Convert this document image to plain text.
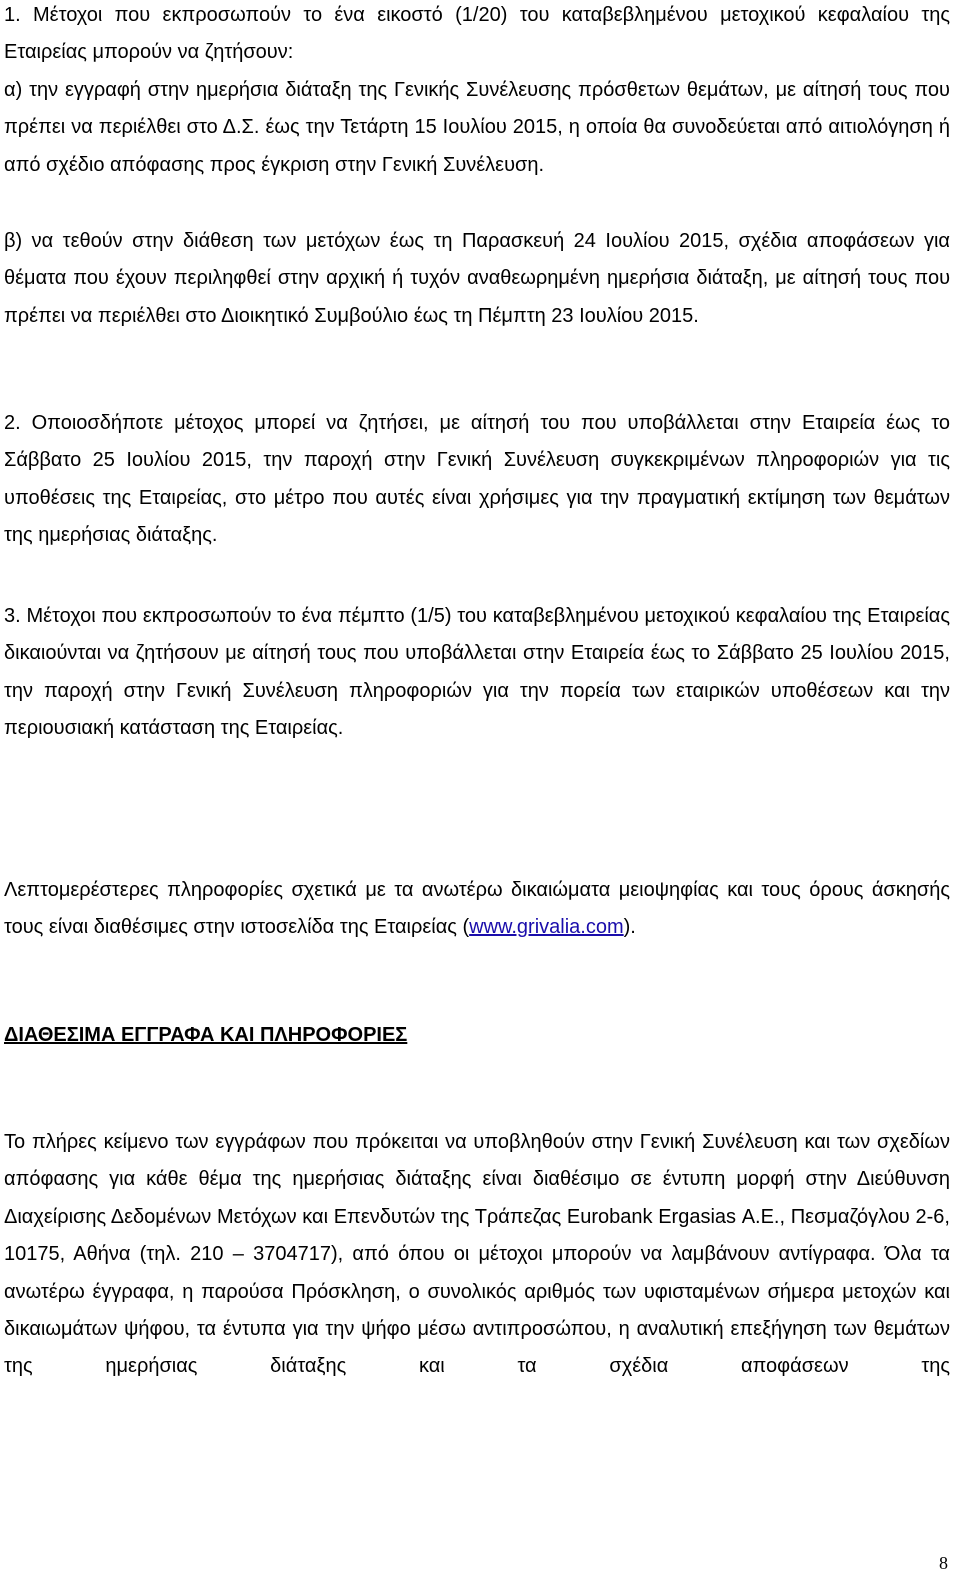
1. Μέτοχοι που εκπροσωπούν το ένα εικοστό (1/20) του καταβεβλημένου μετοχικού κεφαλαίου της Εταιρείας μπορούν να ζητήσουν:
α) την εγγραφή στην ημερήσια διάταξη της Γενικής Συνέλευσης πρόσθετων θεμάτων, με αίτησή τους που πρέπει να περιέλθει στο Δ.Σ. έως την Τετάρτη 15 Ιουλίου 2015, η οποία θα συνοδεύεται από αιτιολόγηση ή από σχέδιο απόφασης προς έγκριση στην Γενική Συνέλευση.
β) να τεθούν στην διάθεση των μετόχων έως τη Παρασκευή 24 Ιουλίου 2015, σχέδια αποφάσεων για θέματα που έχουν περιληφθεί στην αρχική ή τυχόν αναθεωρημένη ημερήσια διάταξη, με αίτησή τους που πρέπει να περιέλθει στο Διοικητικό Συμβούλιο έως τη Πέμπτη 23 Ιουλίου 2015.
2. Οποιοσδήποτε μέτοχος μπορεί να ζητήσει, με αίτησή του που υποβάλλεται στην Εταιρεία έως το Σάββατο 25 Ιουλίου 2015, την παροχή στην Γενική Συνέλευση συγκεκριμένων πληροφοριών για τις υποθέσεις της Εταιρείας, στο μέτρο που αυτές είναι χρήσιμες για την πραγματική εκτίμηση των θεμάτων της ημερήσιας διάταξης.
3. Μέτοχοι που εκπροσωπούν το ένα πέμπτο (1/5) του καταβεβλημένου μετοχικού κεφαλαίου της Εταιρείας δικαιούνται να ζητήσουν με αίτησή τους που υποβάλλεται στην Εταιρεία έως το Σάββατο 25 Ιουλίου 2015, την παροχή στην Γενική Συνέλευση πληροφοριών για την πορεία των εταιρικών υποθέσεων και την περιουσιακή κατάσταση της Εταιρείας.
Λεπτομερέστερες πληροφορίες σχετικά με τα ανωτέρω δικαιώματα μειοψηφίας και τους όρους άσκησής τους είναι διαθέσιμες στην ιστοσελίδα της Εταιρείας (www.grivalia.com).
ΔΙΑΘΕΣΙΜΑ ΕΓΓΡΑΦΑ ΚΑΙ ΠΛΗΡΟΦΟΡΙΕΣ
Το πλήρες κείμενο των εγγράφων που πρόκειται να υποβληθούν στην Γενική Συνέλευση και των σχεδίων απόφασης για κάθε θέμα της ημερήσιας διάταξης είναι διαθέσιμο σε έντυπη μορφή στην Διεύθυνση Διαχείρισης Δεδομένων Μετόχων και Επενδυτών της Τράπεζας Eurobank Ergasias Α.Ε., Πεσμαζόγλου 2-6, 10175, Αθήνα (τηλ. 210 – 3704717), από όπου οι μέτοχοι μπορούν να λαμβάνουν αντίγραφα. Όλα τα ανωτέρω έγγραφα, η παρούσα Πρόσκληση, ο συνολικός αριθμός των υφισταμένων σήμερα μετοχών και δικαιωμάτων ψήφου, τα έντυπα για την ψήφο μέσω αντιπροσώπου, η αναλυτική επεξήγηση των θεμάτων της ημερήσιας διάταξης και τα σχέδια αποφάσεων της
8
